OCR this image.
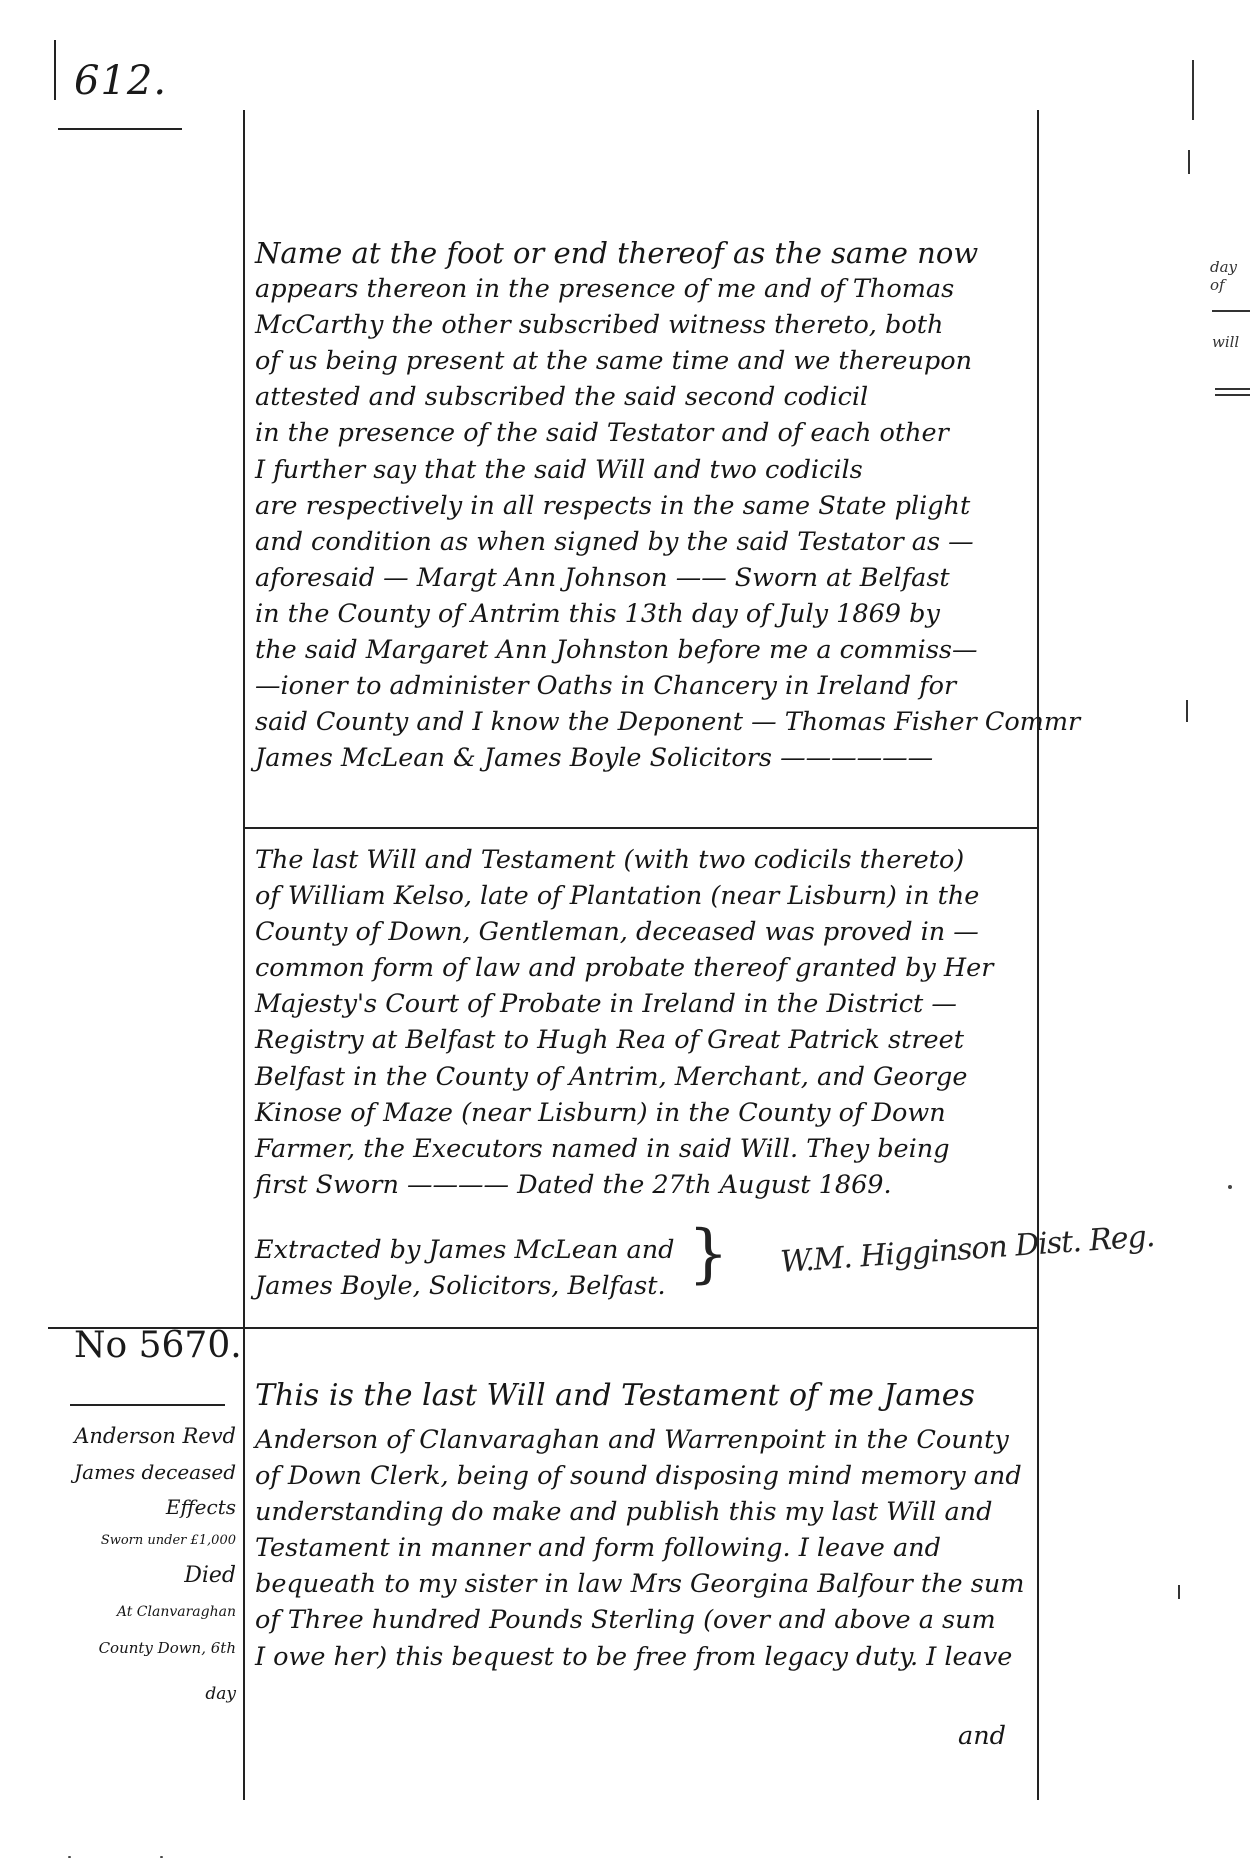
612.
Name at the foot or end thereof as the same now
appears thereon in the presence of me and of Thomas
McCarthy the other subscribed witness thereto, both
of us being present at the same time and we thereupon
attested and subscribed the said second codicil
in the presence of the said Testator and of each other
I further say that the said Will and two codicils
are respectively in all respects in the same State plight
and condition as when signed by the said Testator as —
aforesaid — Margt Ann Johnson —— Sworn at Belfast
in the County of Antrim this 13th day of July 1869 by
the said Margaret Ann Johnston before me a commiss—
—ioner to administer Oaths in Chancery in Ireland for
said County and I know the Deponent — Thomas Fisher Commr
James McLean & James Boyle Solicitors ——————
The last Will and Testament (with two codicils thereto)
of William Kelso, late of Plantation (near Lisburn) in the
County of Down, Gentleman, deceased was proved in —
common form of law and probate thereof granted by Her
Majesty's Court of Probate in Ireland in the District —
Registry at Belfast to Hugh Rea of Great Patrick street
Belfast in the County of Antrim, Merchant, and George
Kinose of Maze (near Lisburn) in the County of Down
Farmer, the Executors named in said Will. They being
first Sworn ———— Dated the 27th August 1869.
Extracted by James McLean and
James Boyle, Solicitors, Belfast. } W.M. Higginson Dist. Reg.
No 5670.
Anderson Revd
James deceased
Effects
Sworn under £1,000
Died
At Clanvaraghan
County Down, 6th
day
This is the last Will and Testament of me James
Anderson of Clanvaraghan and Warrenpoint in the County
of Down Clerk, being of sound disposing mind memory and
understanding do make and publish this my last Will and
Testament in manner and form following. I leave and
bequeath to my sister in law Mrs Georgina Balfour the sum
of Three hundred Pounds Sterling (over and above a sum
I owe her) this bequest to be free from legacy duty. I leave
and
day of
will
